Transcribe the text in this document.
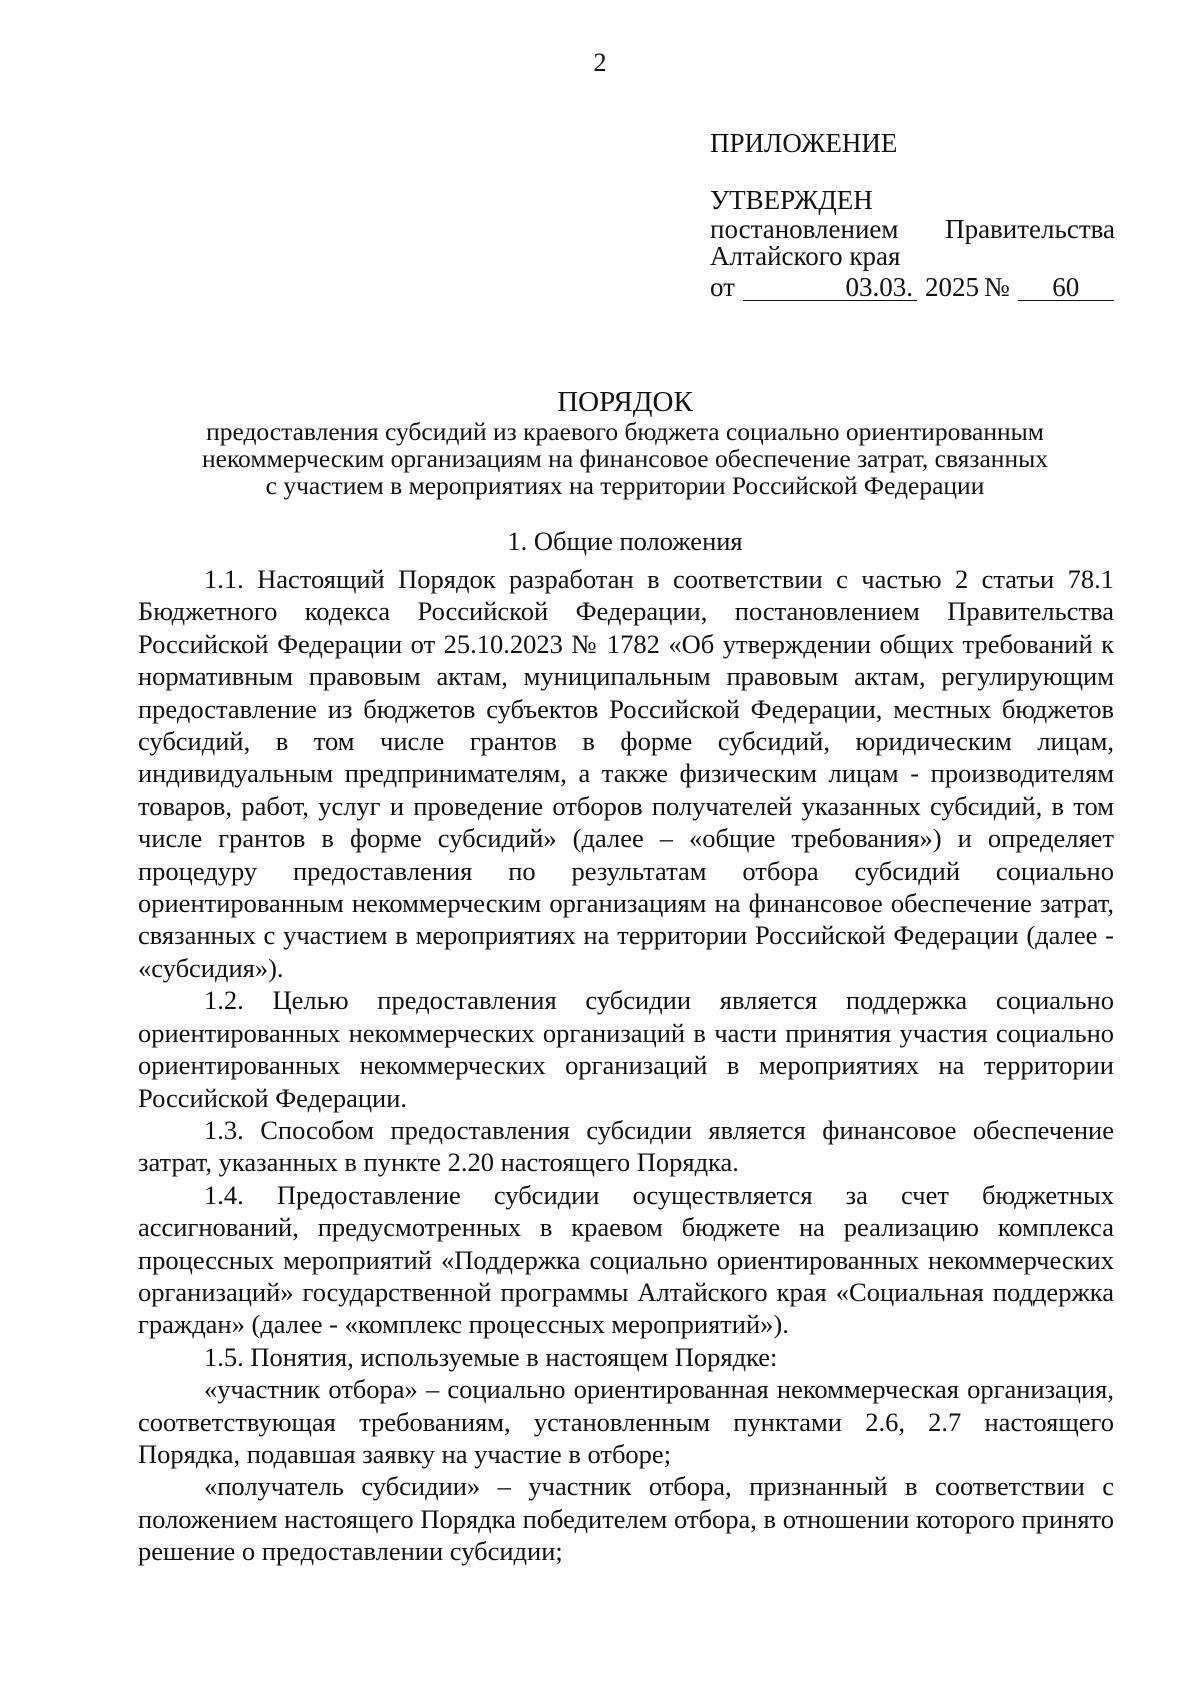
2
ПРИЛОЖЕНИЕ
УТВЕРЖДЕН
постановлением Правительства
Алтайского края
от	03.03. 2025 №	60
ПОРЯДОК
предоставления субсидий из краевого бюджета социально ориентированным
некоммерческим организациям на финансовое обеспечение затрат, связанных
с участием в мероприятиях на территории Российской Федерации
1. Общие положения

1.1. Настоящий Порядок разработан в соответствии с частью 2 статьи 78.1 Бюджетного кодекса Российской Федерации, постановлением Правительства Российской Федерации от 25.10.2023 № 1782 «Об утверждении общих требований к нормативным правовым актам, муниципальным правовым актам, регулирующим предоставление из бюджетов субъектов Российской Федерации, местных бюджетов субсидий, в том числе грантов в форме субсидий, юридическим лицам, индивидуальным предпринимателям, а также физическим лицам - производителям товаров, работ, услуг и проведение отборов получателей указанных субсидий, в том числе грантов в форме субсидий» (далее – «общие требования») и определяет процедуру предоставления по результатам отбора субсидий социально ориентированным некоммерческим организациям на финансовое обеспечение затрат, связанных с участием в мероприятиях на территории Российской Федерации (далее - «субсидия»).

1.2. Целью предоставления субсидии является поддержка социально ориентированных некоммерческих организаций в части принятия участия социально ориентированных некоммерческих организаций в мероприятиях на территории Российской Федерации.

1.3. Способом предоставления субсидии является финансовое обеспечение затрат, указанных в пункте 2.20 настоящего Порядка.

1.4. Предоставление субсидии осуществляется за счет бюджетных ассигнований, предусмотренных в краевом бюджете на реализацию комплекса процессных мероприятий «Поддержка социально ориентированных некоммерческих организаций» государственной программы Алтайского края «Социальная поддержка граждан» (далее - «комплекс процессных мероприятий»).

1.5. Понятия, используемые в настоящем Порядке:

«участник отбора» – социально ориентированная некоммерческая организация, соответствующая требованиям, установленным пунктами 2.6, 2.7 настоящего Порядка, подавшая заявку на участие в отборе;

«получатель субсидии» – участник отбора, признанный в соответствии с положением настоящего Порядка победителем отбора, в отношении которого принято решение о предоставлении субсидии;
